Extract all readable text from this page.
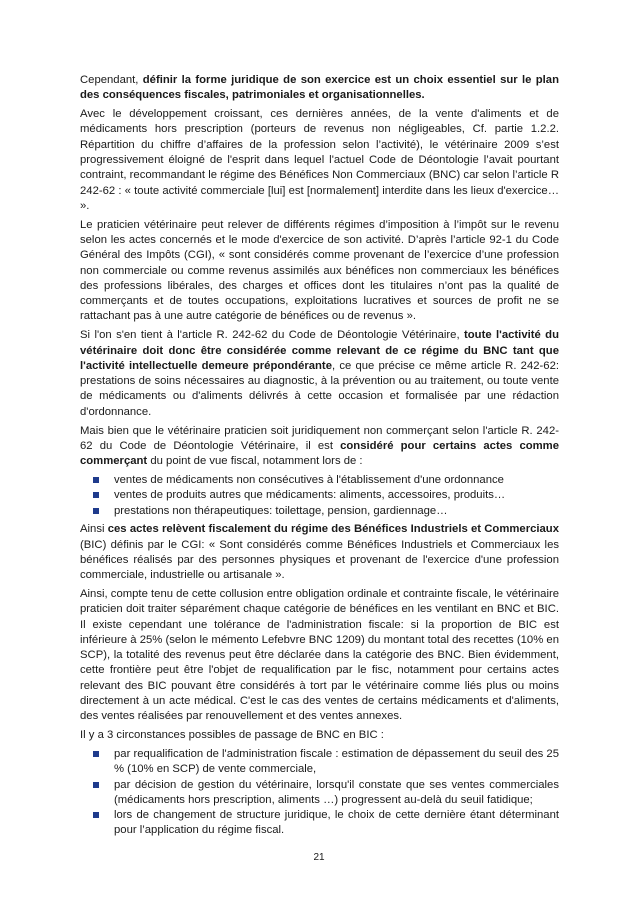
Cependant, définir la forme juridique de son exercice est un choix essentiel sur le plan des conséquences fiscales, patrimoniales et organisationnelles.

Avec le développement croissant, ces dernières années, de la vente d'aliments et de médicaments hors prescription (porteurs de revenus non négligeables, Cf. partie 1.2.2. Répartition du chiffre d’affaires de la profession selon l’activité), le vétérinaire 2009 s’est progressivement éloigné de l'esprit dans lequel l'actuel Code de Déontologie l’avait pourtant contraint, recommandant le régime des Bénéfices Non Commerciaux (BNC) car selon l’article R 242-62 : « toute activité commerciale [lui] est [normalement] interdite dans les lieux d'exercice… ».

Le praticien vétérinaire peut relever de différents régimes d’imposition à l’impôt sur le revenu selon les actes concernés et le mode d'exercice de son activité. D’après l’article 92-1 du Code Général des Impôts (CGI), « sont considérés comme provenant de l’exercice d’une profession non commerciale ou comme revenus assimilés aux bénéfices non commerciaux les bénéfices des professions libérales, des charges et offices dont les titulaires n’ont pas la qualité de commerçants et de toutes occupations, exploitations lucratives et sources de profit ne se rattachant pas à une autre catégorie de bénéfices ou de revenus ».

Si l'on s'en tient à l'article R. 242-62 du Code de Déontologie Vétérinaire, toute l'activité du vétérinaire doit donc être considérée comme relevant de ce régime du BNC tant que l'activité intellectuelle demeure prépondérante, ce que précise ce même article R. 242-62: prestations de soins nécessaires au diagnostic, à la prévention ou au traitement, ou toute vente de médicaments ou d'aliments délivrés à cette occasion et formalisée par une rédaction d'ordonnance.

Mais bien que le vétérinaire praticien soit juridiquement non commerçant selon l'article R. 242-62 du Code de Déontologie Vétérinaire, il est considéré pour certains actes comme commerçant du point de vue fiscal, notamment lors de :

ventes de médicaments non consécutives à l'établissement d'une ordonnance
ventes de produits autres que médicaments: aliments, accessoires, produits…
prestations non thérapeutiques: toilettage, pension, gardiennage…

Ainsi ces actes relèvent fiscalement du régime des Bénéfices Industriels et Commerciaux (BIC) définis par le CGI: « Sont considérés comme Bénéfices Industriels et Commerciaux les bénéfices réalisés par des personnes physiques et provenant de l'exercice d'une profession commerciale, industrielle ou artisanale ».

Ainsi, compte tenu de cette collusion entre obligation ordinale et contrainte fiscale, le vétérinaire praticien doit traiter séparément chaque catégorie de bénéfices en les ventilant en BNC et BIC. Il existe cependant une tolérance de l'administration fiscale: si la proportion de BIC est inférieure à 25% (selon le mémento Lefebvre BNC 1209) du montant total des recettes (10% en SCP), la totalité des revenus peut être déclarée dans la catégorie des BNC. Bien évidemment, cette frontière peut être l'objet de requalification par le fisc, notamment pour certains actes relevant des BIC pouvant être considérés à tort par le vétérinaire comme liés plus ou moins directement à un acte médical. C'est le cas des ventes de certains médicaments et d'aliments, des ventes réalisées par renouvellement et des ventes annexes.

Il y a 3 circonstances possibles de passage de BNC en BIC :

par requalification de l'administration fiscale : estimation de dépassement du seuil des 25 % (10% en SCP) de vente commerciale,
par décision de gestion du vétérinaire, lorsqu'il constate que ses ventes commerciales (médicaments hors prescription, aliments …) progressent au-delà du seuil fatidique;
lors de changement de structure juridique, le choix de cette dernière étant déterminant pour l’application du régime fiscal.
21
